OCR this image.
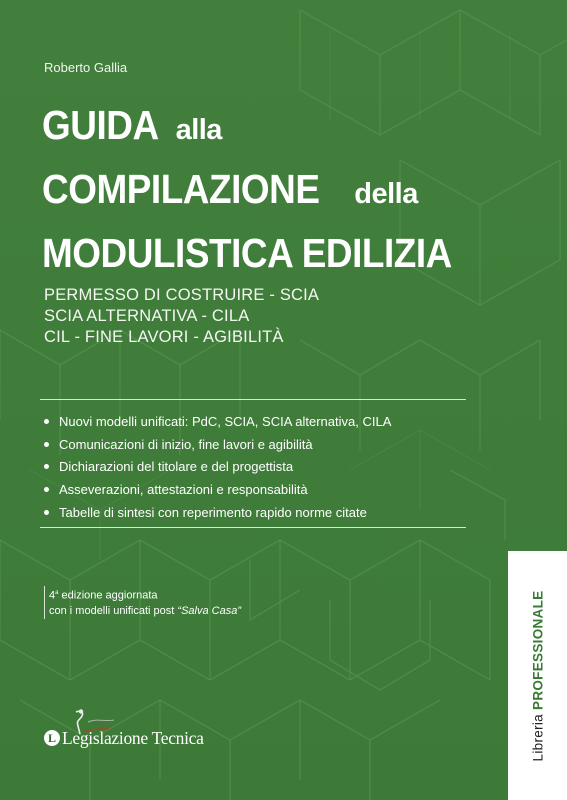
Roberto Gallia
GUIDA alla
COMPILAZIONE della
MODULISTICA EDILIZIA
PERMESSO DI COSTRUIRE - SCIA
SCIA ALTERNATIVA - CILA
CIL - FINE LAVORI - AGIBILITÀ
Nuovi modelli unificati: PdC, SCIA, SCIA alternativa, CILA
Comunicazioni di inizio, fine lavori e agibilità
Dichiarazioni del titolare e del progettista
Asseverazioni, attestazioni e responsabilità
Tabelle di sintesi con reperimento rapido norme citate
4$^a$ edizione aggiornata
con i modelli unificati post “Salva Casa”
Libreria PROFESSIONALE
L Legislazione Tecnica
